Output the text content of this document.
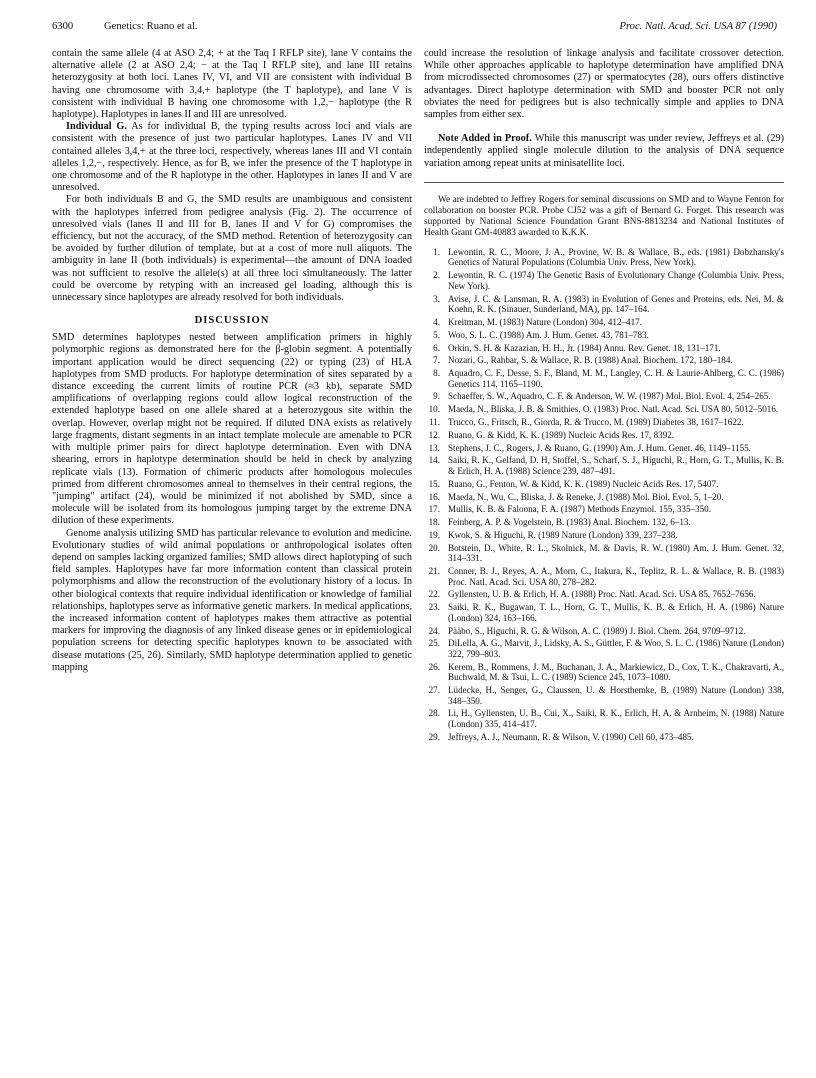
6300	Genetics: Ruano et al.	Proc. Natl. Acad. Sci. USA 87 (1990)

contain the same allele (4 at ASO 2,4; + at the Taq I RFLP site), lane V contains the alternative allele (2 at ASO 2,4; − at the Taq I RFLP site), and lane III retains heterozygosity at both loci. Lanes IV, VI, and VII are consistent with individual B having one chromosome with 3,4,+ haplotype (the T haplotype), and lane V is consistent with individual B having one chromosome with 1,2,− haplotype (the R haplotype). Haplotypes in lanes II and III are unresolved.

Individual G. As for individual B, the typing results across loci and vials are consistent with the presence of just two particular haplotypes. Lanes IV and VII contained alleles 3,4,+ at the three loci, respectively, whereas lanes III and VI contain alleles 1,2,−, respectively. Hence, as for B, we infer the presence of the T haplotype in one chromosome and of the R haplotype in the other. Haplotypes in lanes II and V are unresolved.

For both individuals B and G, the SMD results are unambiguous and consistent with the haplotypes inferred from pedigree analysis (Fig. 2). The occurrence of unresolved vials (lanes II and III for B, lanes II and V for G) compromises the efficiency, but not the accuracy, of the SMD method. Retention of heterozygosity can be avoided by further dilution of template, but at a cost of more null aliquots. The ambiguity in lane II (both individuals) is experimental—the amount of DNA loaded was not sufficient to resolve the allele(s) at all three loci simultaneously. The latter could be overcome by retyping with an increased gel loading, although this is unnecessary since haplotypes are already resolved for both individuals.

DISCUSSION

SMD determines haplotypes nested between amplification primers in highly polymorphic regions as demonstrated here for the β-globin segment. A potentially important application would be direct sequencing (22) or typing (23) of HLA haplotypes from SMD products. For haplotype determination of sites separated by a distance exceeding the current limits of routine PCR (≈3 kb), separate SMD amplifications of overlapping regions could allow logical reconstruction of the extended haplotype based on one allele shared at a heterozygous site within the overlap. However, overlap might not be required. If diluted DNA exists as relatively large fragments, distant segments in an intact template molecule are amenable to PCR with multiple primer pairs for direct haplotype determination. Even with DNA shearing, errors in haplotype determination should be held in check by analyzing replicate vials (13). Formation of chimeric products after homologous molecules primed from different chromosomes anneal to themselves in their central regions, the "jumping" artifact (24), would be minimized if not abolished by SMD, since a molecule will be isolated from its homologous jumping target by the extreme DNA dilution of these experiments.

Genome analysis utilizing SMD has particular relevance to evolution and medicine. Evolutionary studies of wild animal populations or anthropological isolates often depend on samples lacking organized families; SMD allows direct haplotyping of such field samples. Haplotypes have far more information content than classical protein polymorphisms and allow the reconstruction of the evolutionary history of a locus. In other biological contexts that require individual identification or knowledge of familial relationships, haplotypes serve as informative genetic markers. In medical applications, the increased information content of haplotypes makes them attractive as potential markers for improving the diagnosis of any linked disease genes or in epidemiological population screens for detecting specific haplotypes known to be associated with disease mutations (25, 26). Similarly, SMD haplotype determination applied to genetic mapping

could increase the resolution of linkage analysis and facilitate crossover detection. While other approaches applicable to haplotype determination have amplified DNA from microdissected chromosomes (27) or spermatocytes (28), ours offers distinctive advantages. Direct haplotype determination with SMD and booster PCR not only obviates the need for pedigrees but is also technically simple and applies to DNA samples from either sex.

Note Added in Proof. While this manuscript was under review, Jeffreys et al. (29) independently applied single molecule dilution to the analysis of DNA sequence variation among repeat units at minisatellite loci.

We are indebted to Jeffrey Rogers for seminal discussions on SMD and to Wayne Fenton for collaboration on booster PCR. Probe CJ52 was a gift of Bernard G. Forget. This research was supported by National Science Foundation Grant BNS-8813234 and National Institutes of Health Grant GM-40883 awarded to K.K.K.

1. Lewontin, R. C., Moore, J. A., Provine, W. B. & Wallace, B., eds. (1981) Dobzhansky's Genetics of Natural Populations (Columbia Univ. Press, New York).
2. Lewontin, R. C. (1974) The Genetic Basis of Evolutionary Change (Columbia Univ. Press, New York).
3. Avise, J. C. & Lansman, R. A. (1983) in Evolution of Genes and Proteins, eds. Nei, M. & Koehn, R. K. (Sinauer, Sunderland, MA), pp. 147–164.
4. Kreitman, M. (1983) Nature (London) 304, 412–417.
5. Woo, S. L. C. (1988) Am. J. Hum. Genet. 43, 781–783.
6. Orkin, S. H. & Kazazian, H. H., Jr. (1984) Annu. Rev. Genet. 18, 131–171.
7. Nozari, G., Rahbar, S. & Wallace, R. B. (1988) Anal. Biochem. 172, 180–184.
8. Aquadro, C. F., Desse, S. F., Bland, M. M., Langley, C. H. & Laurie-Ahlberg, C. C. (1986) Genetics 114, 1165–1190.
9. Schaeffer, S. W., Aquadro, C. F. & Anderson, W. W. (1987) Mol. Biol. Evol. 4, 254–265.
10. Maeda, N., Bliska, J. B. & Smithies, O. (1983) Proc. Natl. Acad. Sci. USA 80, 5012–5016.
11. Trucco, G., Fritsch, R., Giorda, R. & Trucco, M. (1989) Diabetes 38, 1617–1622.
12. Ruano, G. & Kidd, K. K. (1989) Nucleic Acids Res. 17, 8392.
13. Stephens, J. C., Rogers, J. & Ruano, G. (1990) Am. J. Hum. Genet. 46, 1149–1155.
14. Saiki, R. K., Gelfand, D. H, Stoffel, S., Scharf, S. J., Higuchi, R., Horn, G. T., Mullis, K. B. & Erlich, H. A. (1988) Science 239, 487–491.
15. Ruano, G., Fenton, W. & Kidd, K. K. (1989) Nucleic Acids Res. 17, 5407.
16. Maeda, N., Wu, C., Bliska, J. & Reneke, J. (1988) Mol. Biol. Evol. 5, 1–20.
17. Mullis, K. B. & Faloona, F. A. (1987) Methods Enzymol. 155, 335–350.
18. Feinberg, A. P. & Vogelstein, B. (1983) Anal. Biochem. 132, 6–13.
19. Kwok, S. & Higuchi, R. (1989 Nature (London) 339, 237–238.
20. Botstein, D., White, R. L., Skolnick, M. & Davis, R. W. (1980) Am. J. Hum. Genet. 32, 314–331.
21. Conner, B. J., Reyes, A. A., Morn, C., Itakura, K., Teplitz, R. L. & Wallace, R. B. (1983) Proc. Natl. Acad. Sci. USA 80, 278–282.
22. Gyllensten, U. B. & Erlich, H. A. (1988) Proc. Natl. Acad. Sci. USA 85, 7652–7656.
23. Saiki, R. K., Bugawan, T. L., Horn, G. T., Mullis, K. B. & Erlich, H. A. (1986) Nature (London) 324, 163–166.
24. Pääbo, S., Higuchi, R. G. & Wilson, A. C. (1989) J. Biol. Chem. 264, 9709–9712.
25. DiLella, A. G., Marvit, J., Lidsky, A. S., Güttler, F. & Woo, S. L. C. (1986) Nature (London) 322, 799–803.
26. Kerem, B., Rommens, J. M., Buchanan, J. A., Markiewicz, D., Cox, T. K., Chakravarti, A., Buchwald, M. & Tsui, L. C. (1989) Science 245, 1073–1080.
27. Lüdecke, H., Senger, G., Claussen, U. & Horsthemke, B. (1989) Nature (London) 338, 348–350.
28. Li, H., Gyllensten, U. B., Cui, X., Saiki, R. K., Erlich, H. A. & Arnheim, N. (1988) Nature (London) 335, 414–417.
29. Jeffreys, A. J., Neumann, R. & Wilson, V. (1990) Cell 60, 473–485.
